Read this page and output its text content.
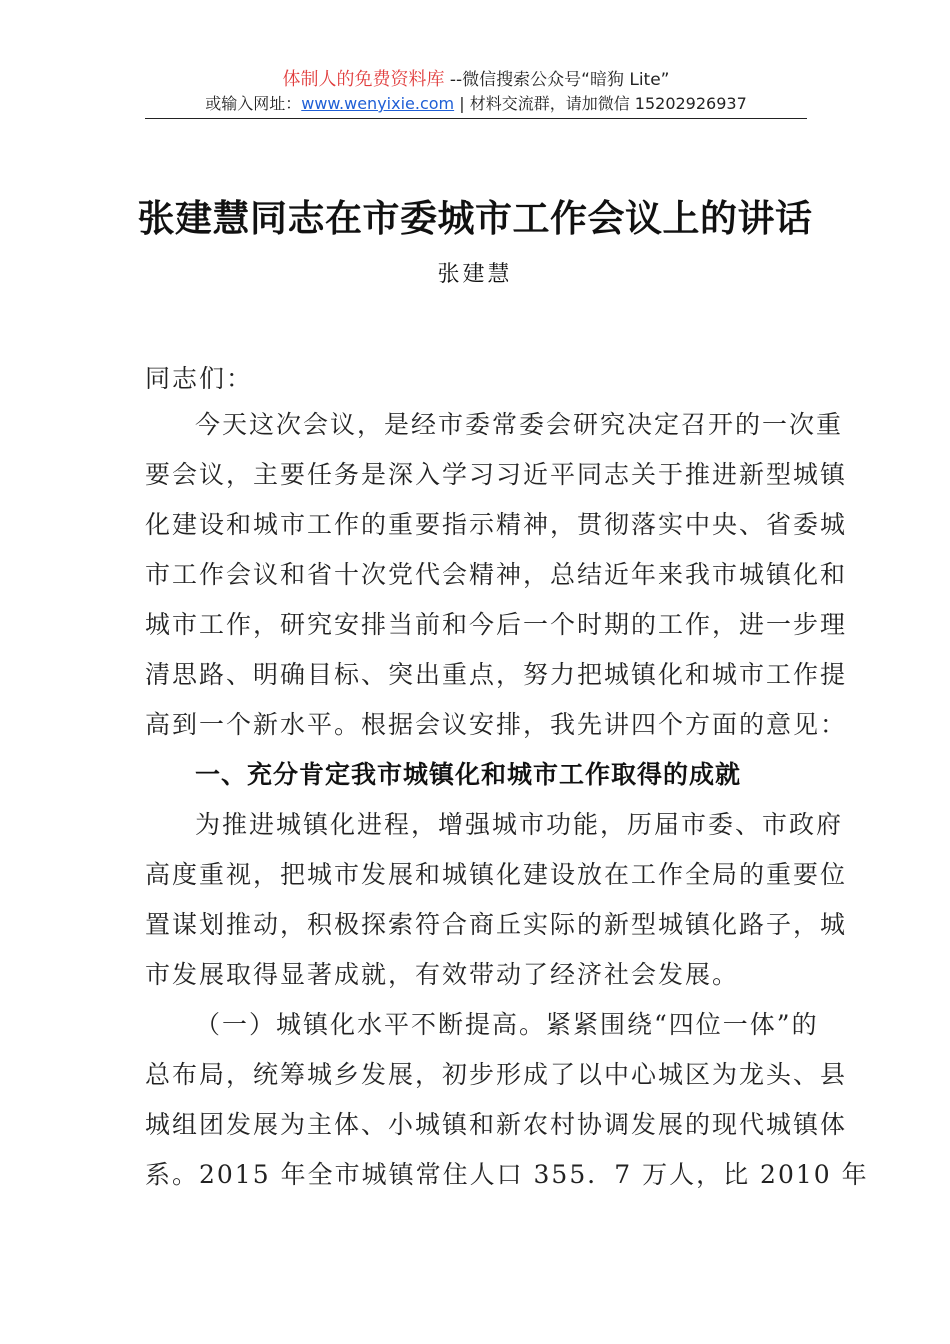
体制人的免费资料库 --微信搜索公众号“暗狗 Lite”
或输入网址：www.wenyixie.com | 材料交流群，请加微信 15202926937
张建慧同志在市委城市工作会议上的讲话
张建慧
同志们：
今天这次会议，是经市委常委会研究决定召开的一次重
要会议，主要任务是深入学习习近平同志关于推进新型城镇
化建设和城市工作的重要指示精神，贯彻落实中央、省委城
市工作会议和省十次党代会精神，总结近年来我市城镇化和
城市工作，研究安排当前和今后一个时期的工作，进一步理
清思路、明确目标、突出重点，努力把城镇化和城市工作提
高到一个新水平。根据会议安排，我先讲四个方面的意见：
一、充分肯定我市城镇化和城市工作取得的成就
为推进城镇化进程，增强城市功能，历届市委、市政府
高度重视，把城市发展和城镇化建设放在工作全局的重要位
置谋划推动，积极探索符合商丘实际的新型城镇化路子，城
市发展取得显著成就，有效带动了经济社会发展。
（一）城镇化水平不断提高。紧紧围绕“四位一体”的
总布局，统筹城乡发展，初步形成了以中心城区为龙头、县
城组团发展为主体、小城镇和新农村协调发展的现代城镇体
系。2015 年全市城镇常住人口 355．7 万人，比 2010 年
